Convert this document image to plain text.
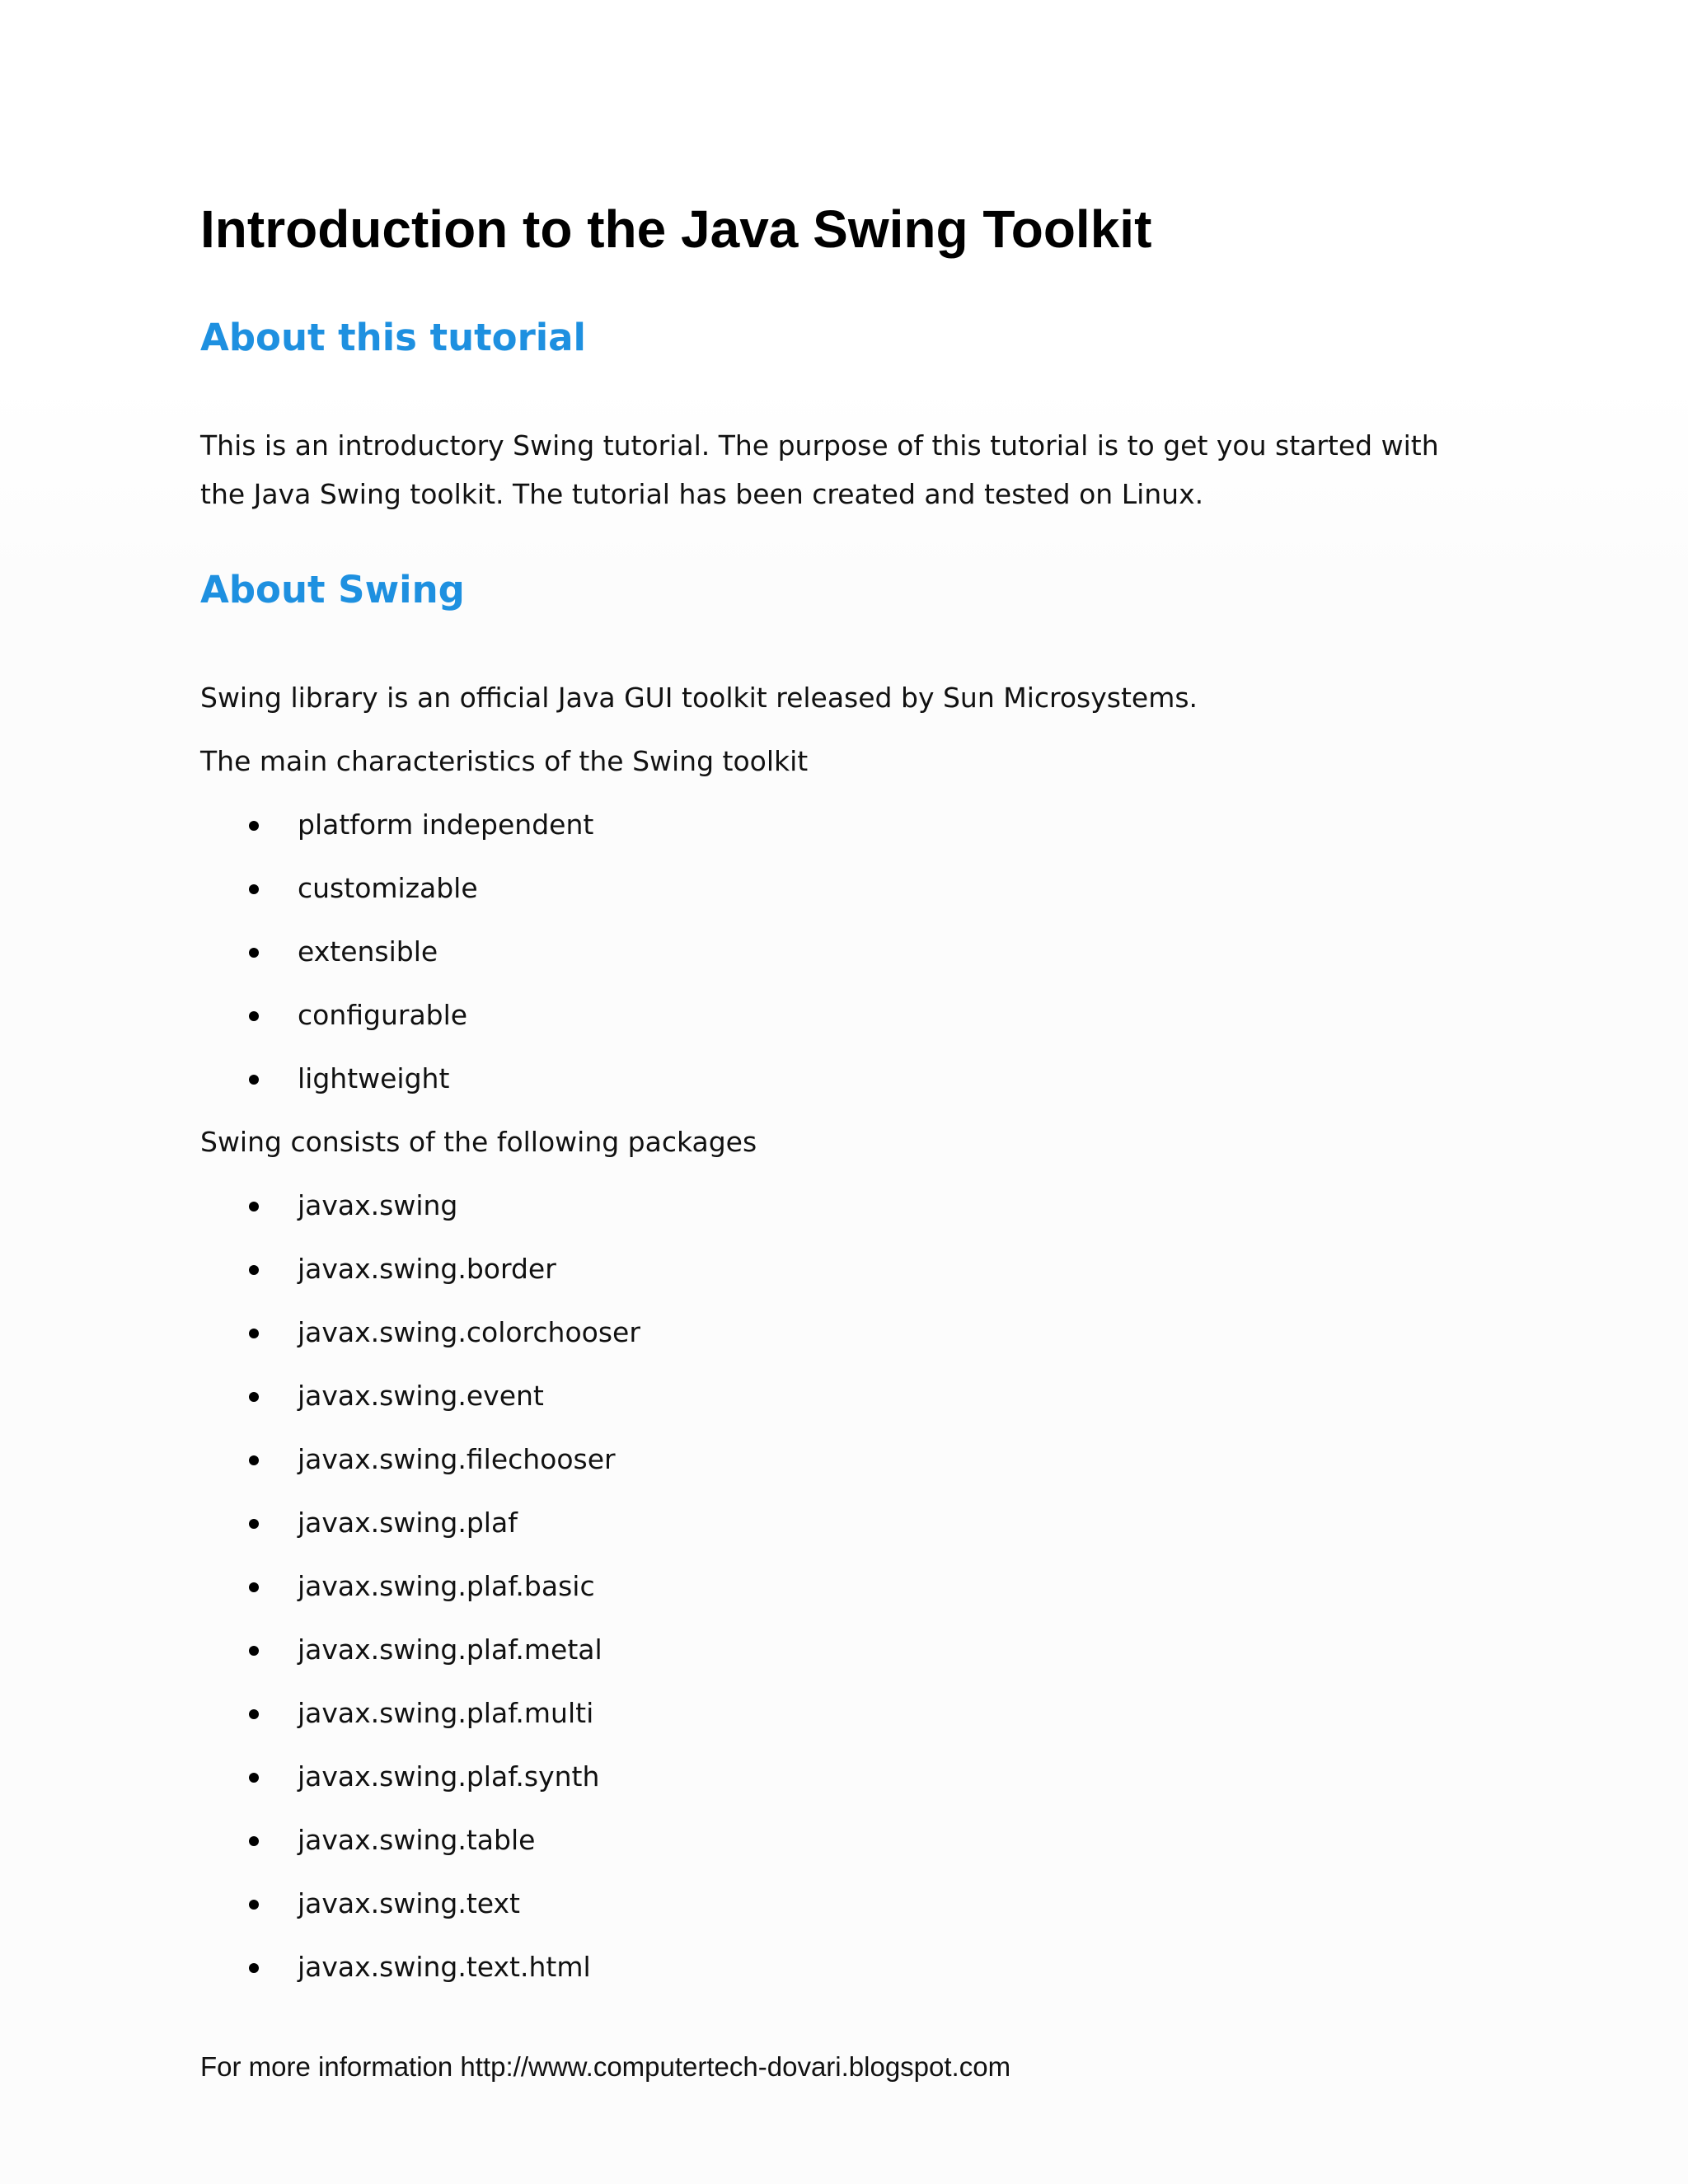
Introduction to the Java Swing Toolkit
About this tutorial

This is an introductory Swing tutorial. The purpose of this tutorial is to get you started with

the Java Swing toolkit. The tutorial has been created and tested on Linux.

About Swing

Swing library is an official Java GUI toolkit released by Sun Microsystems.

The main characteristics of the Swing toolkit

platform independent
customizable
extensible
configurable
lightweight

Swing consists of the following packages

javax.swing
javax.swing.border
javax.swing.colorchooser
javax.swing.event
javax.swing.filechooser
javax.swing.plaf
javax.swing.plaf.basic
javax.swing.plaf.metal
javax.swing.plaf.multi
javax.swing.plaf.synth
javax.swing.table
javax.swing.text
javax.swing.text.html

For more information http://www.computertech-dovari.blogspot.com
